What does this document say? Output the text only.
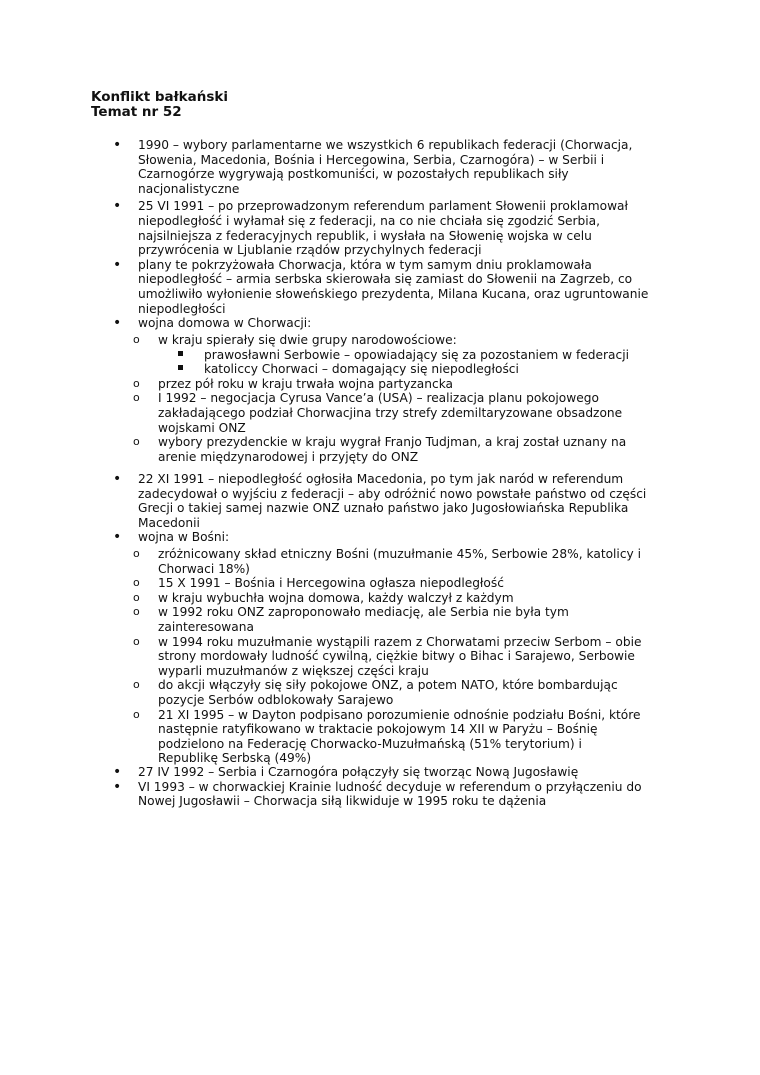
Konflikt bałkański
Temat nr 52
• 1990 – wybory parlamentarne we wszystkich 6 republikach federacji (Chorwacja, Słowenia, Macedonia, Bośnia i Hercegowina, Serbia, Czarnogóra) – w Serbii i Czarnogórze wygrywają postkomuniści, w pozostałych republikach siły nacjonalistyczne
• 25 VI 1991 – po przeprowadzonym referendum parlament Słowenii proklamował niepodległość i wyłamał się z federacji, na co nie chciała się zgodzić Serbia, najsilniejsza z federacyjnych republik, i wysłała na Słowenię wojska w celu przywrócenia w Ljublanie rządów przychylnych federacji
• plany te pokrzyżowała Chorwacja, która w tym samym dniu proklamowała niepodległość – armia serbska skierowała się zamiast do Słowenii na Zagrzeb, co umożliwiło wyłonienie słoweńskiego prezydenta, Milana Kucana, oraz ugruntowanie niepodległości
• wojna domowa w Chorwacji:
o w kraju spierały się dwie grupy narodowościowe:
prawosławni Serbowie – opowiadający się za pozostaniem w federacji
katoliccy Chorwaci – domagający się niepodległości
o przez pół roku w kraju trwała wojna partyzancka
o I 1992 – negocjacja Cyrusa Vance’a (USA) – realizacja planu pokojowego zakładającego podział Chorwacjina trzy strefy zdemiltaryzowane obsadzone wojskami ONZ
o wybory prezydenckie w kraju wygrał Franjo Tudjman, a kraj został uznany na arenie międzynarodowej i przyjęty do ONZ
• 22 XI 1991 – niepodległość ogłosiła Macedonia, po tym jak naród w referendum zadecydował o wyjściu z federacji – aby odróżnić nowo powstałe państwo od części Grecji o takiej samej nazwie ONZ uznało państwo jako Jugosłowiańska Republika Macedonii
• wojna w Bośni:
o zróżnicowany skład etniczny Bośni (muzułmanie 45%, Serbowie 28%, katolicy i Chorwaci 18%)
o 15 X 1991 – Bośnia i Hercegowina ogłasza niepodległość
o w kraju wybuchła wojna domowa, każdy walczył z każdym
o w 1992 roku ONZ zaproponowało mediację, ale Serbia nie była tym zainteresowana
o w 1994 roku muzułmanie wystąpili razem z Chorwatami przeciw Serbom – obie strony mordowały ludność cywilną, ciężkie bitwy o Bihac i Sarajewo, Serbowie wyparli muzułmanów z większej części kraju
o do akcji włączyły się siły pokojowe ONZ, a potem NATO, które bombardując pozycje Serbów odblokowały Sarajewo
o 21 XI 1995 – w Dayton podpisano porozumienie odnośnie podziału Bośni, które następnie ratyfikowano w traktacie pokojowym 14 XII w Paryżu – Bośnię podzielono na Federację Chorwacko-Muzułmańską (51% terytorium) i Republikę Serbską (49%)
• 27 IV 1992 – Serbia i Czarnogóra połączyły się tworząc Nową Jugosławię
• VI 1993 – w chorwackiej Krainie ludność decyduje w referendum o przyłączeniu do Nowej Jugosławii – Chorwacja siłą likwiduje w 1995 roku te dążenia
